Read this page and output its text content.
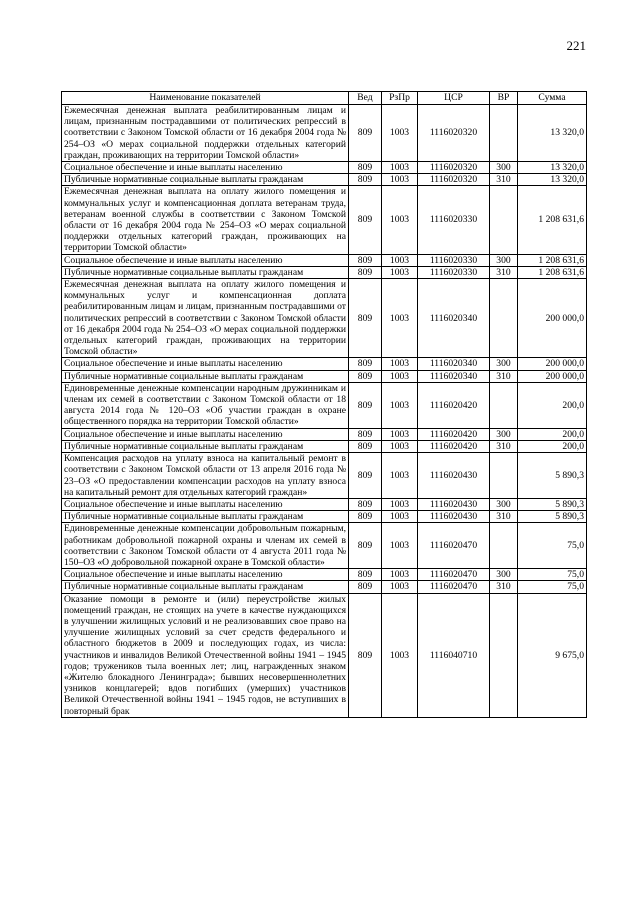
221
Наименование показателей	Вед	РзПр	ЦСР	ВР	Сумма
Ежемесячная денежная выплата реабилитированным лицам и лицам, признанным пострадавшими от политических репрессий в соответствии с Законом Томской области от 16 декабря 2004 года № 254–ОЗ «О мерах социальной поддержки отдельных категорий граждан, проживающих на территории Томской области»	809	1003	1116020320		13 320,0
Социальное обеспечение и иные выплаты населению	809	1003	1116020320	300	13 320,0
Публичные нормативные социальные выплаты гражданам	809	1003	1116020320	310	13 320,0
Ежемесячная денежная выплата на оплату жилого помещения и коммунальных услуг и компенсационная доплата ветеранам труда, ветеранам военной службы в соответствии с Законом Томской области от 16 декабря 2004 года № 254–ОЗ «О мерах социальной поддержки отдельных категорий граждан, проживающих на территории Томской области»	809	1003	1116020330		1 208 631,6
Социальное обеспечение и иные выплаты населению	809	1003	1116020330	300	1 208 631,6
Публичные нормативные социальные выплаты гражданам	809	1003	1116020330	310	1 208 631,6
Ежемесячная денежная выплата на оплату жилого помещения и коммунальных услуг и компенсационная доплата реабилитированным лицам и лицам, признанным пострадавшими от политических репрессий в соответствии с Законом Томской области от 16 декабря 2004 года № 254–ОЗ «О мерах социальной поддержки отдельных категорий граждан, проживающих на территории Томской области»	809	1003	1116020340		200 000,0
Социальное обеспечение и иные выплаты населению	809	1003	1116020340	300	200 000,0
Публичные нормативные социальные выплаты гражданам	809	1003	1116020340	310	200 000,0
Единовременные денежные компенсации народным дружинникам и членам их семей в соответствии с Законом Томской области от 18 августа 2014 года № 120–ОЗ «Об участии граждан в охране общественного порядка на территории Томской области»	809	1003	1116020420		200,0
Социальное обеспечение и иные выплаты населению	809	1003	1116020420	300	200,0
Публичные нормативные социальные выплаты гражданам	809	1003	1116020420	310	200,0
Компенсация расходов на уплату взноса на капитальный ремонт в соответствии с Законом Томской области от 13 апреля 2016 года № 23–ОЗ «О предоставлении компенсации расходов на уплату взноса на капитальный ремонт для отдельных категорий граждан»	809	1003	1116020430		5 890,3
Социальное обеспечение и иные выплаты населению	809	1003	1116020430	300	5 890,3
Публичные нормативные социальные выплаты гражданам	809	1003	1116020430	310	5 890,3
Единовременные денежные компенсации добровольным пожарным, работникам добровольной пожарной охраны и членам их семей в соответствии с Законом Томской области от 4 августа 2011 года № 150–ОЗ «О добровольной пожарной охране в Томской области»	809	1003	1116020470		75,0
Социальное обеспечение и иные выплаты населению	809	1003	1116020470	300	75,0
Публичные нормативные социальные выплаты гражданам	809	1003	1116020470	310	75,0
Оказание помощи в ремонте и (или) переустройстве жилых помещений граждан, не стоящих на учете в качестве нуждающихся в улучшении жилищных условий и не реализовавших свое право на улучшение жилищных условий за счет средств федерального и областного бюджетов в 2009 и последующих годах, из числа: участников и инвалидов Великой Отечественной войны 1941 – 1945 годов; тружеников тыла военных лет; лиц, награжденных знаком «Жителю блокадного Ленинграда»; бывших несовершеннолетних узников концлагерей; вдов погибших (умерших) участников Великой Отечественной войны 1941 – 1945 годов, не вступивших в повторный брак	809	1003	1116040710		9 675,0
